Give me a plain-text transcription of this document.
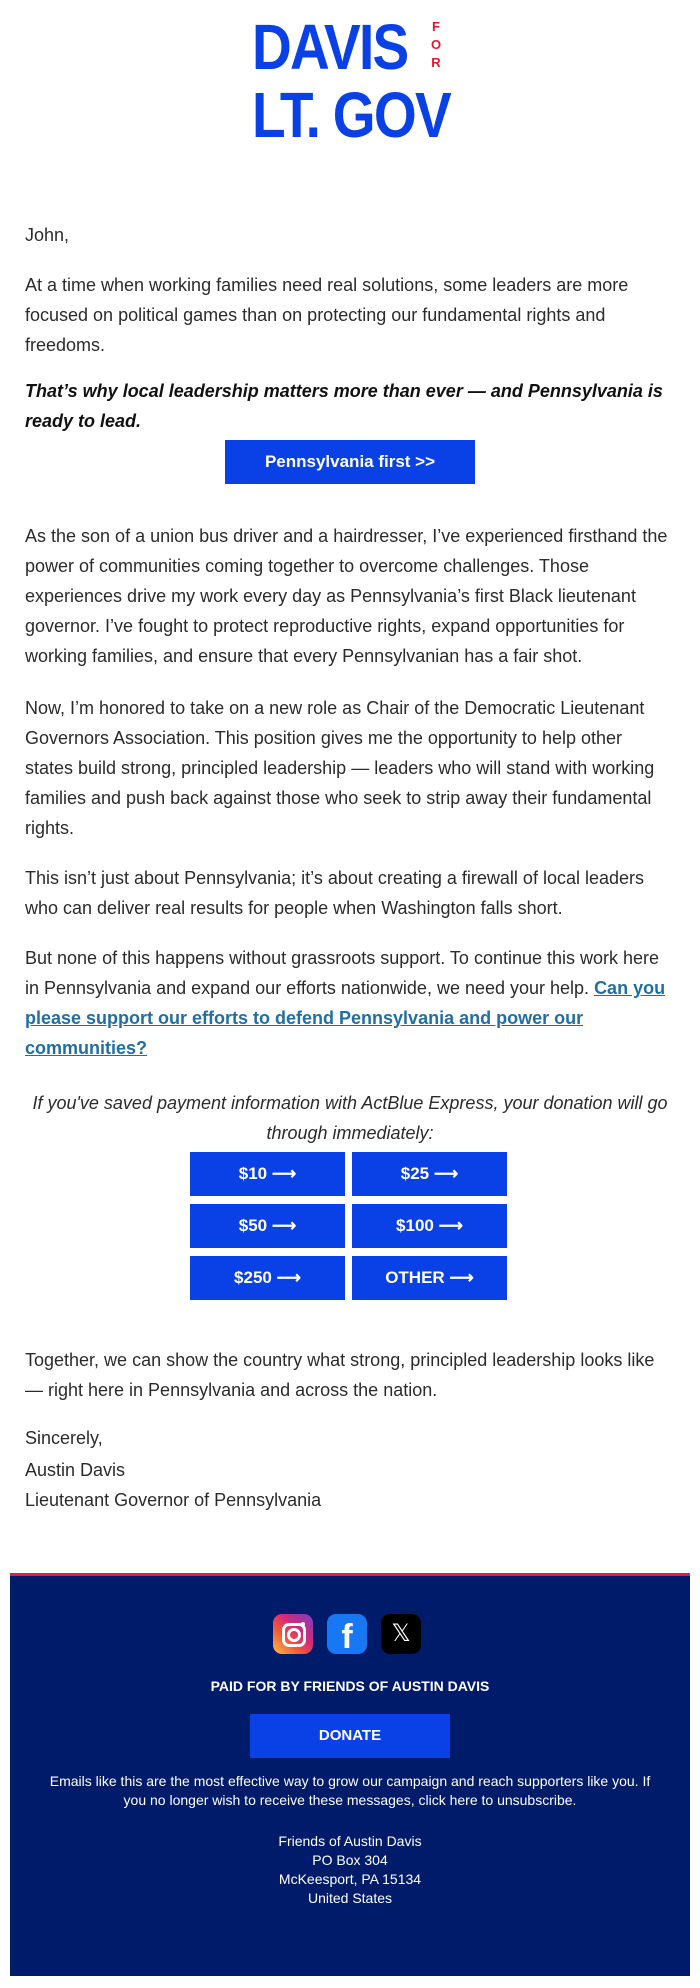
DAVIS	F
O
R
LT. GOV

John,

At a time when working families need real solutions, some leaders are more focused on political games than on protecting our fundamental rights and freedoms.

That’s why local leadership matters more than ever — and Pennsylvania is ready to lead.

Pennsylvania first >>

As the son of a union bus driver and a hairdresser, I’ve experienced firsthand the power of communities coming together to overcome challenges. Those experiences drive my work every day as Pennsylvania’s first Black lieutenant governor. I’ve fought to protect reproductive rights, expand opportunities for working families, and ensure that every Pennsylvanian has a fair shot.

Now, I’m honored to take on a new role as Chair of the Democratic Lieutenant Governors Association. This position gives me the opportunity to help other states build strong, principled leadership — leaders who will stand with working families and push back against those who seek to strip away their fundamental rights.

This isn’t just about Pennsylvania; it’s about creating a firewall of local leaders who can deliver real results for people when Washington falls short.

But none of this happens without grassroots support. To continue this work here in Pennsylvania and expand our efforts nationwide, we need your help. Can you please support our efforts to defend Pennsylvania and power our communities?

If you've saved payment information with ActBlue Express, your donation will go through immediately:

$10 ⟶	$25 ⟶
$50 ⟶	$100 ⟶
$250 ⟶	OTHER ⟶

Together, we can show the country what strong, principled leadership looks like — right here in Pennsylvania and across the nation.

Sincerely,

Austin Davis
Lieutenant Governor of Pennsylvania
f	𝕏
PAID FOR BY FRIENDS OF AUSTIN DAVIS
DONATE
Emails like this are the most effective way to grow our campaign and reach supporters like you. If you no longer wish to receive these messages, click here to unsubscribe.
Friends of Austin Davis
PO Box 304
McKeesport, PA 15134
United States
